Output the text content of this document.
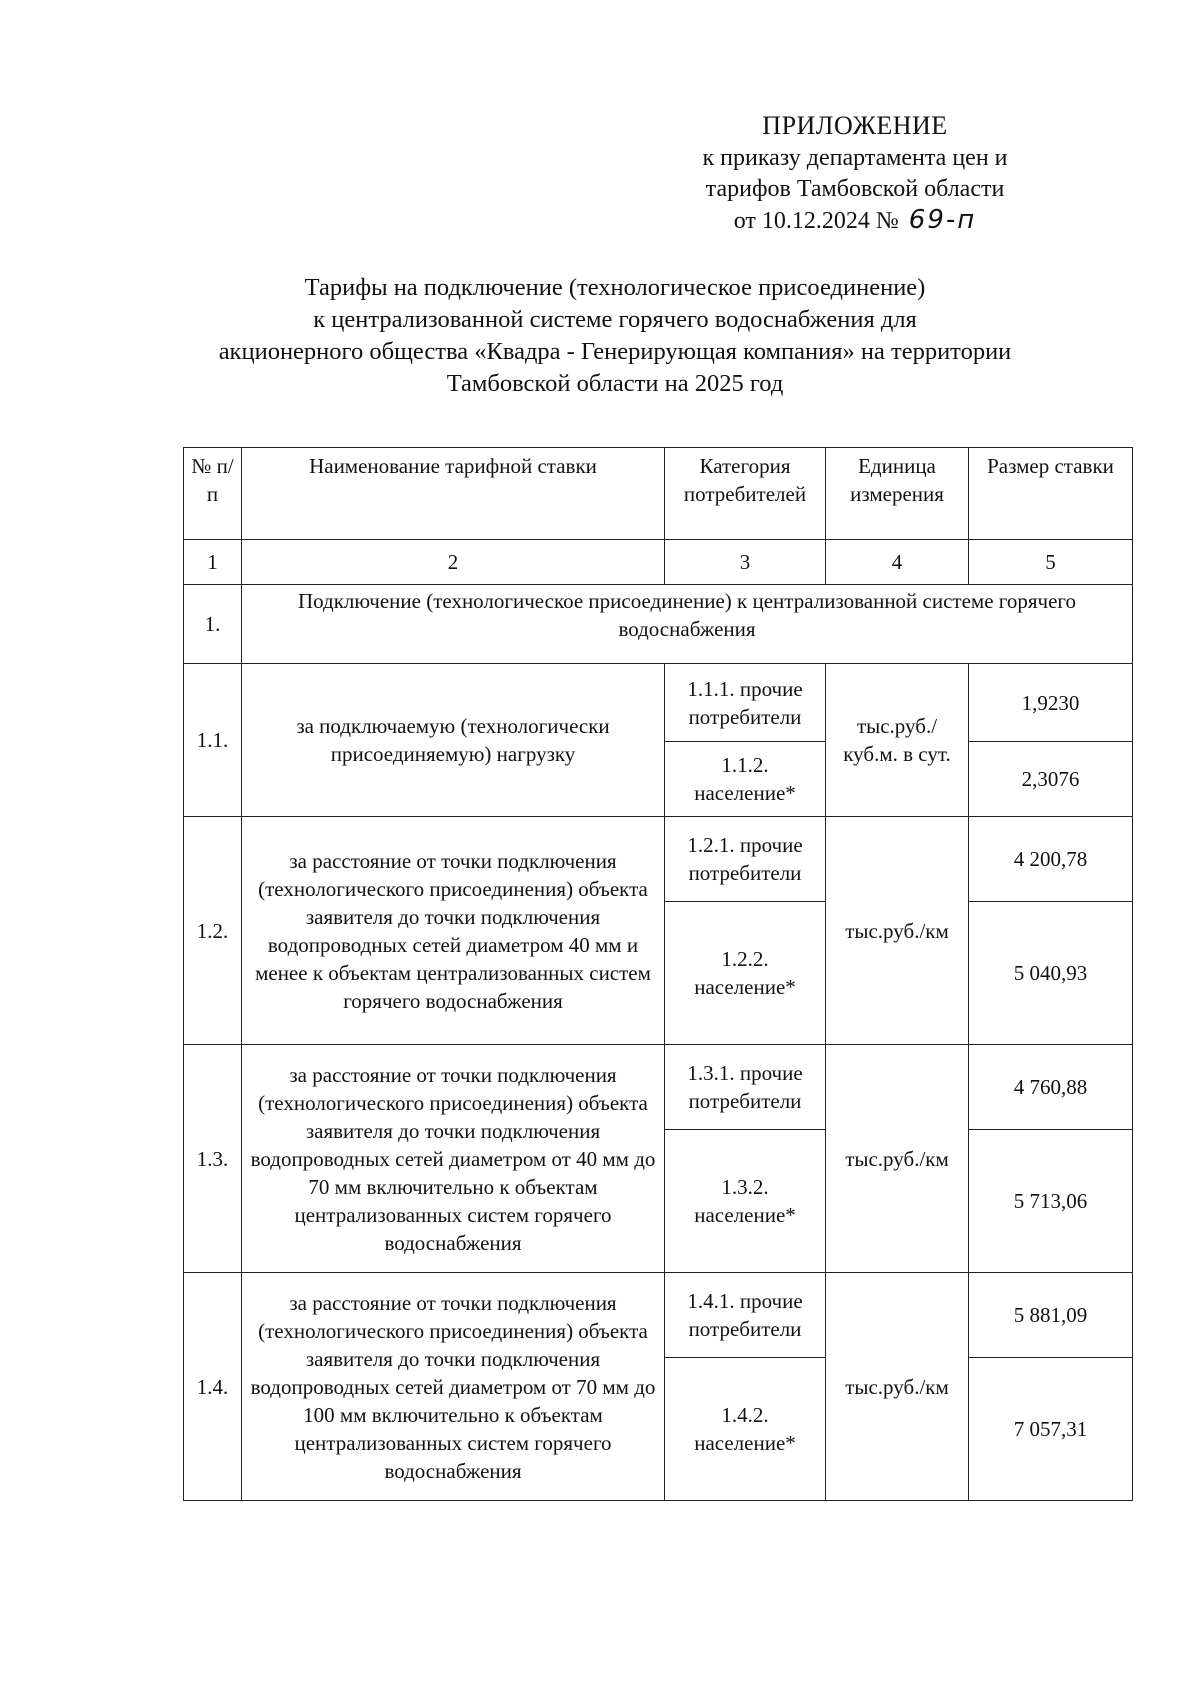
ПРИЛОЖЕНИЕ
к приказу департамента цен и
тарифов Тамбовской области
от 10.12.2024 № 69-п
Тарифы на подключение (технологическое присоединение)
к централизованной системе горячего водоснабжения для
акционерного общества «Квадра - Генерирующая компания» на территории
Тамбовской области на 2025 год
№ п/п	Наименование тарифной ставки	Категория потребителей	Единица измерения	Размер ставки
1	2	3	4	5
1.	Подключение (технологическое присоединение) к централизованной системе горячего водоснабжения			
1.1.	за подключаемую (технологически присоединяемую) нагрузку	1.1.1. прочие потребители	тыс.руб./ куб.м. в сут.	1,9230
		1.1.2. население*		2,3076
1.2.	за расстояние от точки подключения (технологического присоединения) объекта заявителя до точки подключения водопроводных сетей диаметром 40 мм и менее к объектам централизованных систем горячего водоснабжения	1.2.1. прочие потребители	тыс.руб./км	4 200,78
		1.2.2. население*		5 040,93
1.3.	за расстояние от точки подключения (технологического присоединения) объекта заявителя до точки подключения водопроводных сетей диаметром от 40 мм до 70 мм включительно к объектам централизованных систем горячего водоснабжения	1.3.1. прочие потребители	тыс.руб./км	4 760,88
		1.3.2. население*		5 713,06
1.4.	за расстояние от точки подключения (технологического присоединения) объекта заявителя до точки подключения водопроводных сетей диаметром от 70 мм до 100 мм включительно к объектам централизованных систем горячего водоснабжения	1.4.1. прочие потребители	тыс.руб./км	5 881,09
		1.4.2. население*		7 057,31
